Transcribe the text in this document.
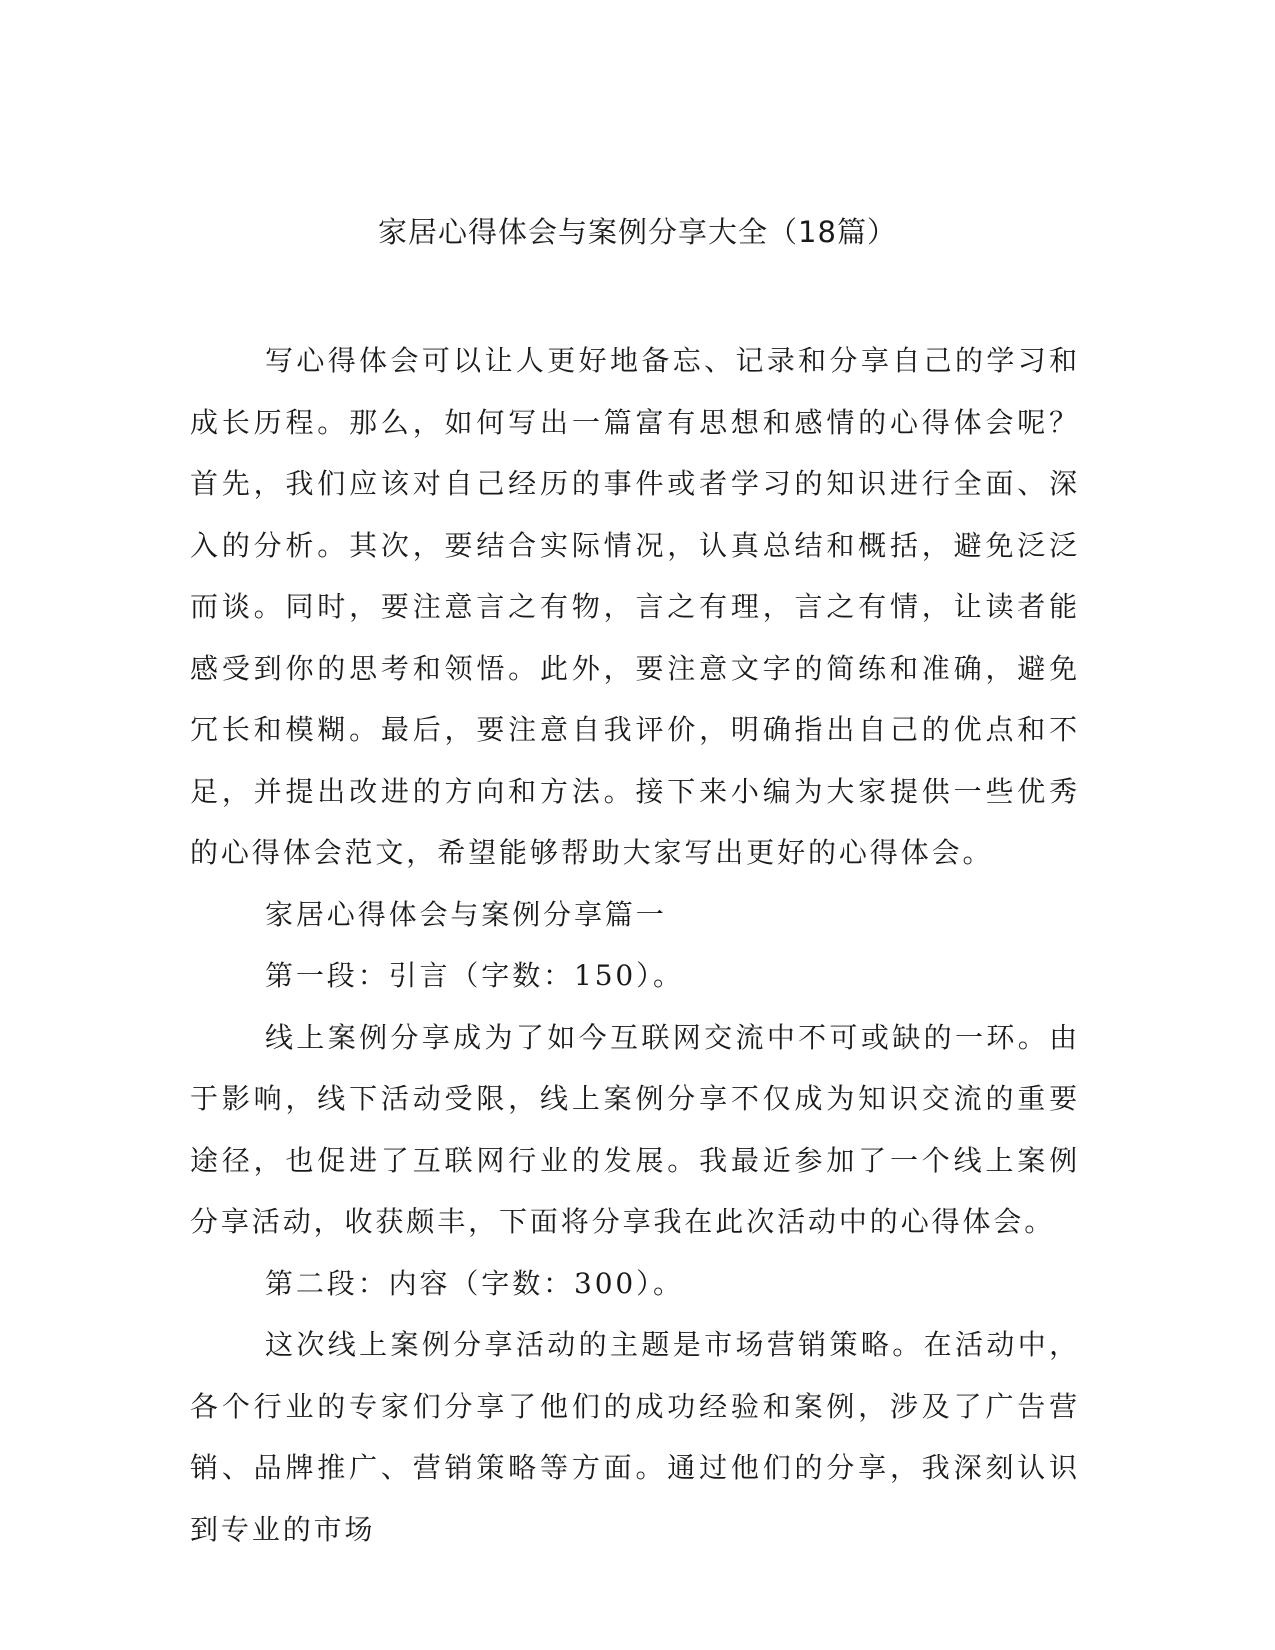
家居心得体会与案例分享大全（18篇）

写心得体会可以让人更好地备忘、记录和分享自己的学习和成长历程。那么，如何写出一篇富有思想和感情的心得体会呢？首先，我们应该对自己经历的事件或者学习的知识进行全面、深入的分析。其次，要结合实际情况，认真总结和概括，避免泛泛而谈。同时，要注意言之有物，言之有理，言之有情，让读者能感受到你的思考和领悟。此外，要注意文字的简练和准确，避免冗长和模糊。最后，要注意自我评价，明确指出自己的优点和不足，并提出改进的方向和方法。接下来小编为大家提供一些优秀的心得体会范文，希望能够帮助大家写出更好的心得体会。

家居心得体会与案例分享篇一

第一段：引言（字数：150）。

线上案例分享成为了如今互联网交流中不可或缺的一环。由于影响，线下活动受限，线上案例分享不仅成为知识交流的重要途径，也促进了互联网行业的发展。我最近参加了一个线上案例分享活动，收获颇丰，下面将分享我在此次活动中的心得体会。

第二段：内容（字数：300）。

这次线上案例分享活动的主题是市场营销策略。在活动中，各个行业的专家们分享了他们的成功经验和案例，涉及了广告营销、品牌推广、营销策略等方面。通过他们的分享，我深刻认识到专业的市场
